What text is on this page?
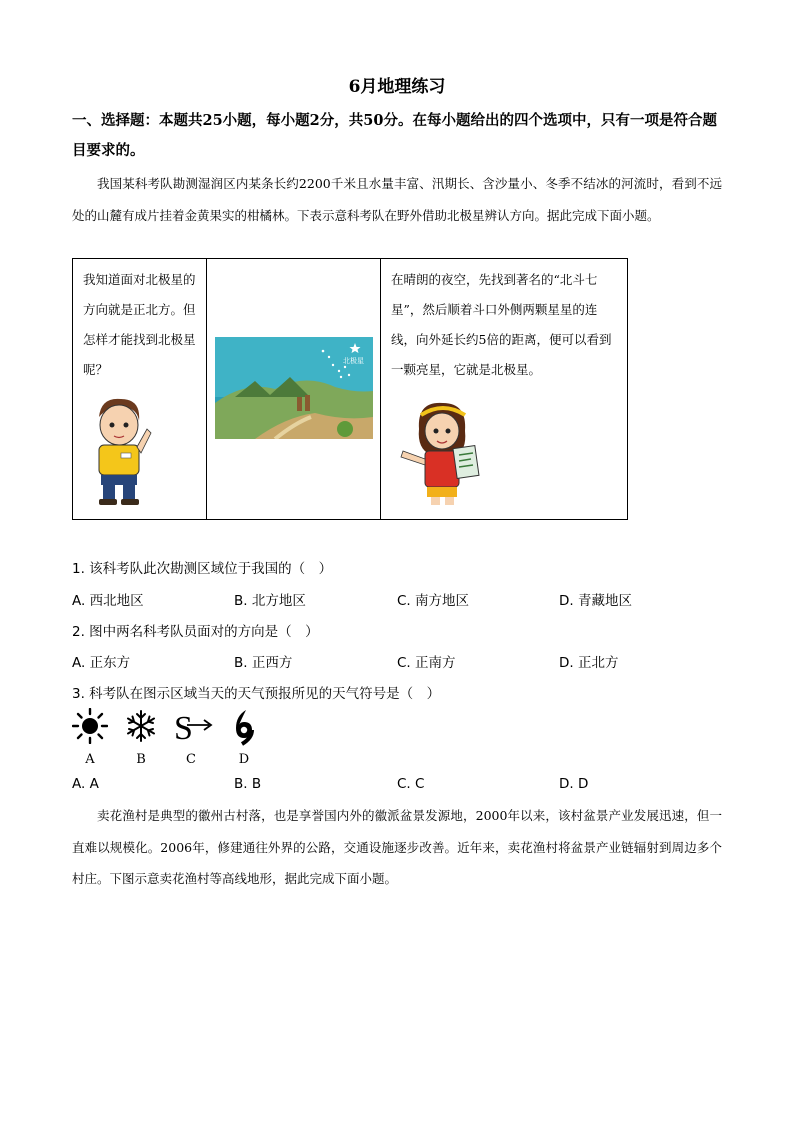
6月地理练习
一、选择题：本题共25小题，每小题2分，共50分。在每小题给出的四个选项中，只有一项是符合题目要求的。
我国某科考队勘测湿润区内某条长约2200千米且水量丰富、汛期长、含沙量小、冬季不结冰的河流时，看到不远处的山麓有成片挂着金黄果实的柑橘林。下表示意科考队在野外借助北极星辨认方向。据此完成下面小题。
我知道面对北极星的方向就是正北方。但怎样才能找到北极星呢？

北极星

在晴朗的夜空，先找到著名的“北斗七星”，然后顺着斗口外侧两颗星星的连线，向外延长约5倍的距离，便可以看到一颗亮星，它就是北极星。
1. 该科考队此次勘测区域位于我国的（　）
A. 西北地区	B. 北方地区	C. 南方地区	D. 青藏地区
2. 图中两名科考队员面对的方向是（　）
A. 正东方	B. 正西方	C. 正南方	D. 正北方
3. 科考队在图示区域当天的天气预报所见的天气符号是（　）
S
A	B	C	D
A. A	B. B	C. C	D. D
卖花渔村是典型的徽州古村落，也是享誉国内外的徽派盆景发源地，2000年以来，该村盆景产业发展迅速，但一直难以规模化。2006年，修建通往外界的公路，交通设施逐步改善。近年来，卖花渔村将盆景产业链辐射到周边多个村庄。下图示意卖花渔村等高线地形，据此完成下面小题。
